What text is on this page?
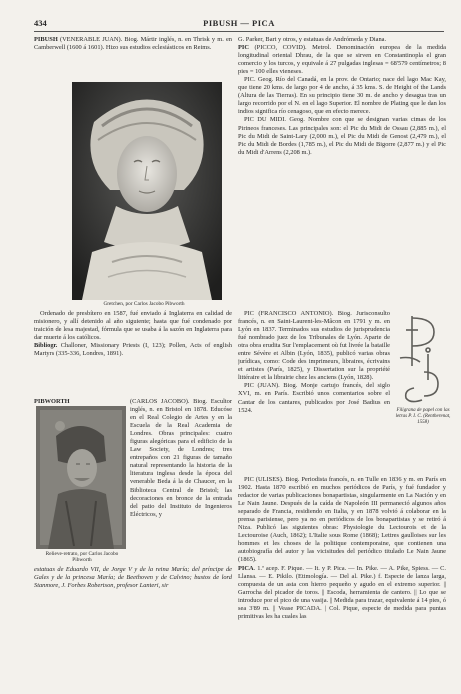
434	PIBUSH — PICA

PIBUSH (VENERABLE JUAN). Biog. Mártir inglés, n. en Thrisk y m. en Camberwell (1600 á 1601). Hizo sus estudios eclesiásticos en Reims.

Gretchen, por Carlos Jacobo Pibworth

Ordenado de presbítero en 1587, fué enviado á Inglaterra en calidad de misionero, y allí detenido al año siguiente; hasta que fué condenado por traición de lesa majestad, fórmula que se usaba á la sazón en Inglaterra para dar muerte á los católicos.

Bibliogr. Challoner, Missionary Priests (I, 123); Pollen, Acts of english Martyrs (335-336, Londres, 1891).

Relieve-retrato, por Carlos Jacobo Pibworth

PIBWORTH	(CARLOS JACOBO). Biog. Escultor inglés, n. en Bristol en 1878. Educóse en el Real Colegio de Artes y en la Escuela de la Real Academia de Londres. Obras principales: cuatro figuras alegóricas para el edificio de la Law Society, de Londres; tres entrepaños con 21 figuras de tamaño natural representando la historia de la literatura inglesa desde la época del venerable Beda á la de Chaucer, en la Biblioteca Central de Bristol; las decoraciones en bronce de la entrada del patio del Instituto de Ingenieros Eléctricos, y

estatuas de Eduardo VII, de Jorge V y de la reina María; del príncipe de Gales y de la princesa María; de Beethoven y de Calvino; bustos de lord Stanmore, J. Forbes Robertson, profesor Lanteri, sir

G. Parker, Bart y otros, y estatuas de Andrómeda y Diana.

PIC (PICCO, COVID). Metrol. Denominación europea de la medida longitudinal oriental Dhrau, de la que se sirven en Constantinopla el gran comercio y los turcos, y equivale á 27 pulgadas inglesas = 68'579 centímetros; 8 pies = 100 elles vieneses.

PIC. Geog. Río del Canadá, en la prov. de Ontario; nace del lago Mac Kay, que tiene 20 kms. de largo por 4 de ancho, á 35 kms. S. de Height of the Lands (Altura de las Tierras). En su principio tiene 30 m. de ancho y desagua tras un largo recorrido por el N. en el lago Superior. El nombre de Plating que le dan los indios significa río cenagoso, que en efecto merece.

PIC DU MIDI. Geog. Nombre con que se designan varias cimas de los Pirineos franceses. Las principales son: el Pic du Midi de Ossau (2,885 m.), el Pic du Midi de Saint-Lary (2,000 m.), el Pic du Midi de Genost (2,479 m.), el Pic du Midi de Bordes (1,785 m.), el Pic du Midi de Bigorre (2,877 m.) y el Pic du Midi d'Arrens (2,208 m.).

PIC (FRANCISCO ANTONIO). Biog. Jurisconsulto francés, n. en Saint-Laurent-les-Mâcon en 1791 y m. en Lyón en 1837. Terminados sus estudios de jurisprudencia fué nombrado juez de los Tribunales de Lyón. Aparte de otra obra erudita Sur l'emplacement où fut livrée la bataille entre Sévère et Albin (Lyón, 1835), publicó varias obras jurídicas, como: Code des imprimeurs, libraires, écrivains et artistes (París, 1825), y Dissertation sur la propriété littéraire et la librairie chez les anciens (Lyón, 1828).

PIC (JUAN). Biog. Monje cartujo francés, del siglo XVI, m. en París. Escribió unos comentarios sobre el Cantar de los cantares, publicados por José Badius en 1524.

PIC (ULISES). Biog. Periodista francés, n. en Tulle en 1836 y m. en París en 1902. Hasta 1870 escribió en muchos periódicos de París, y fué fundador y redactor de varias publicaciones bonapartistas, singularmente en La Nación y en Le Nain Jaune. Después de la caída de Napoleón III permaneció algunos años separado de Francia, residiendo en Italia, y en 1878 volvió á colaborar en la prensa parisiense, pero ya no en periódicos de los bonapartistas y se retiró á Niza. Publicó las siguientes obras: Physiologie du Lectourois et de la Lectouroise (Auch, 1862); L'Italie sous Rome (1868); Lettres gaulloises sur les hommes et les choses de la politique contemporaine, que contienen una autobiografía del autor y las vicisitudes del periódico titulado Le Nain Jaune (1865).

PICA. 1.ª acep. F. Pique. — It. y P. Pica. — In. Pike. — A. Pike, Spiess. — C. Llansa. — E. Pikilo. (Etimología. — Del al. Pike.) f. Especie de lanza larga, compuesta de un asta con hierro pequeño y agudo en el extremo superior. || Garrocha del picador de toros. || Escoda, herramienta de cantero. || Lo que se introduce por el pico de una vasija. || Medida para trazar, equivalente á 14 pies, ó sea 3'89 m. || Vease PICADA. | Col. Pique, especie de medida para puntas primitivas les ha cuales las

Filigrana de papel con las letras P. I. C. (Rentherenat, 1558)
